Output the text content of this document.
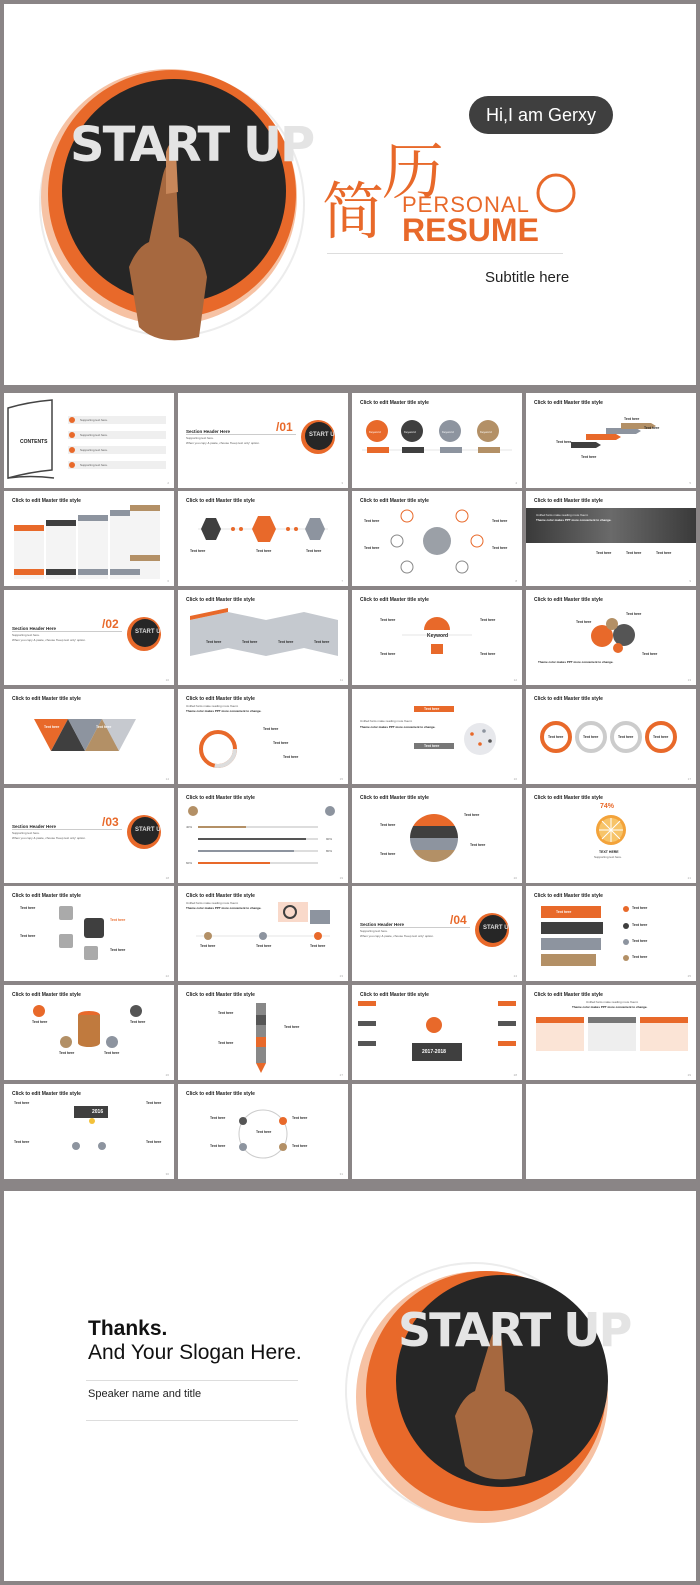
START UP
Hi,I am Gerxy
简
历
PERSONAL
RESUME
Subtitle here
CONTENTS
Supporting text here.
Supporting text here.
Supporting text here.
Supporting text here.
2
Section Header Here
Supporting text here.
When you copy & paste, choose 'Keep text only' option.
/01
START U
3
Click to edit Master title style
Keyword	Keyword	Keyword	Keyword
4
Click to edit Master title style
Text here
Text here
Text here
Text here
5
Click to edit Master title style
6
Click to edit Master title style
Text here	Text here	Text here
7
Click to edit Master title style
Text here	Text here
Text here	Text here
8
Click to edit Master title style
Unified fonts make reading more fluent.
Theme color makes PPT more convenient to change.
Text here	Text here	Text here
9
Section Header Here
Supporting text here.
When you copy & paste, choose 'Keep text only' option.
/02
START U
10
Click to edit Master title style
Text here	Text here	Text here	Text here
11
Click to edit Master title style
Keyword
Text here	Text here
Text here	Text here
12
Click to edit Master title style
Text here
Text here
Text here
Theme color makes PPT more convenient to change.
13
Click to edit Master title style
Text here	Text here
14
Click to edit Master title style
Unified fonts make reading more fluent.
Theme color makes PPT more convenient to change.
Text here
Text here
Text here
15
Unified fonts make reading more fluent.
Theme color makes PPT more convenient to change.
Text here
Text here
16
Click to edit Master title style
Text here	Text here	Text here	Text here
17
Section Header Here
Supporting text here.
When you copy & paste, choose 'Keep text only' option.
/03
START U
18
Click to edit Master title style
40%
90%
80%
60%
19
Click to edit Master title style
Text here
Text here
Text here
Text here
20
Click to edit Master title style
74%
TEXT HERE
Supporting text here.
21
Click to edit Master title style
Text here
Text here
Text here
Text here
22
Click to edit Master title style
Unified fonts make reading more fluent.
Theme color makes PPT more convenient to change.
Text here	Text here	Text here
23
Section Header Here
Supporting text here.
When you copy & paste, choose 'Keep text only' option.
/04
START U
24
Click to edit Master title style
Text here
Text here
Text here
Text here
Text here
25
Click to edit Master title style
Text here	Text here
Text here	Text here
26
Click to edit Master title style
Text here
Text here
Text here
27
Click to edit Master title style
2017-2018
28
Click to edit Master title style
Unified fonts make reading more fluent.
Theme color makes PPT more convenient to change.
29
Click to edit Master title style
2016
Text here	Text here
Text here	Text here
30
Click to edit Master title style
Text here
Text here	Text here
Text here	Text here
31
START UP
Thanks.
And Your Slogan Here.
Speaker name and title
